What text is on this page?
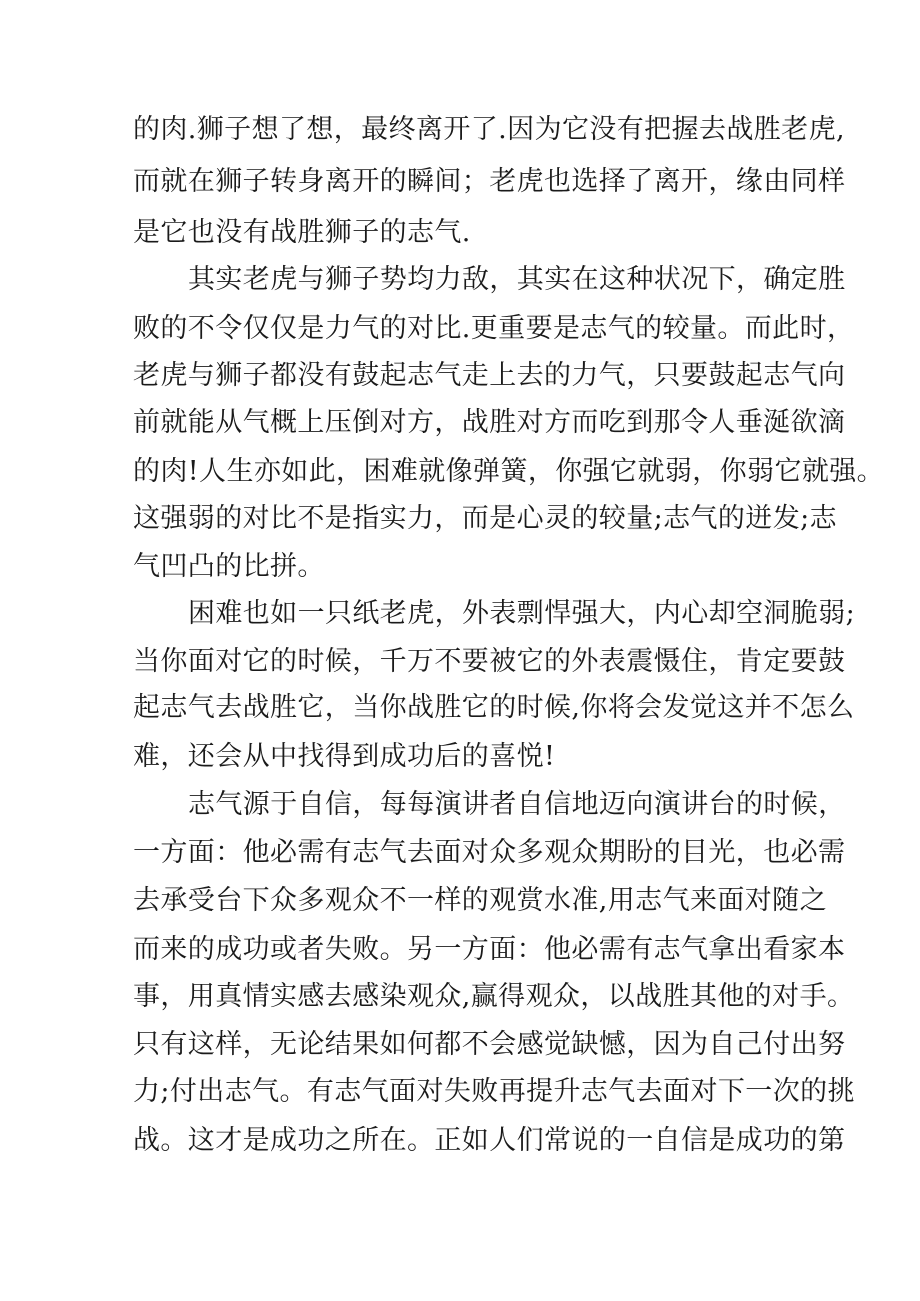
的肉.狮子想了想，最终离开了.因为它没有把握去战胜老虎,
而就在狮子转身离开的瞬间；老虎也选择了离开，缘由同样
是它也没有战胜狮子的志气.
其实老虎与狮子势均力敌，其实在这种状况下，确定胜
败的不令仅仅是力气的对比.更重要是志气的较量。而此时，
老虎与狮子都没有鼓起志气走上去的力气，只要鼓起志气向
前就能从气概上压倒对方，战胜对方而吃到那令人垂涎欲滴
的肉!人生亦如此，困难就像弹簧，你强它就弱，你弱它就强。
这强弱的对比不是指实力，而是心灵的较量;志气的迸发;志
气凹凸的比拼。
困难也如一只纸老虎，外表剽悍强大，内心却空洞脆弱;
当你面对它的时候，千万不要被它的外表震慑住，肯定要鼓
起志气去战胜它，当你战胜它的时候,你将会发觉这并不怎么
难，还会从中找得到成功后的喜悦!
志气源于自信，每每演讲者自信地迈向演讲台的时候，
一方面：他必需有志气去面对众多观众期盼的目光，也必需
去承受台下众多观众不一样的观赏水准,用志气来面对随之
而来的成功或者失败。另一方面：他必需有志气拿出看家本
事，用真情实感去感染观众,赢得观众，以战胜其他的对手。
只有这样，无论结果如何都不会感觉缺憾，因为自己付出努
力;付出志气。有志气面对失败再提升志气去面对下一次的挑
战。这才是成功之所在。正如人们常说的一自信是成功的第
